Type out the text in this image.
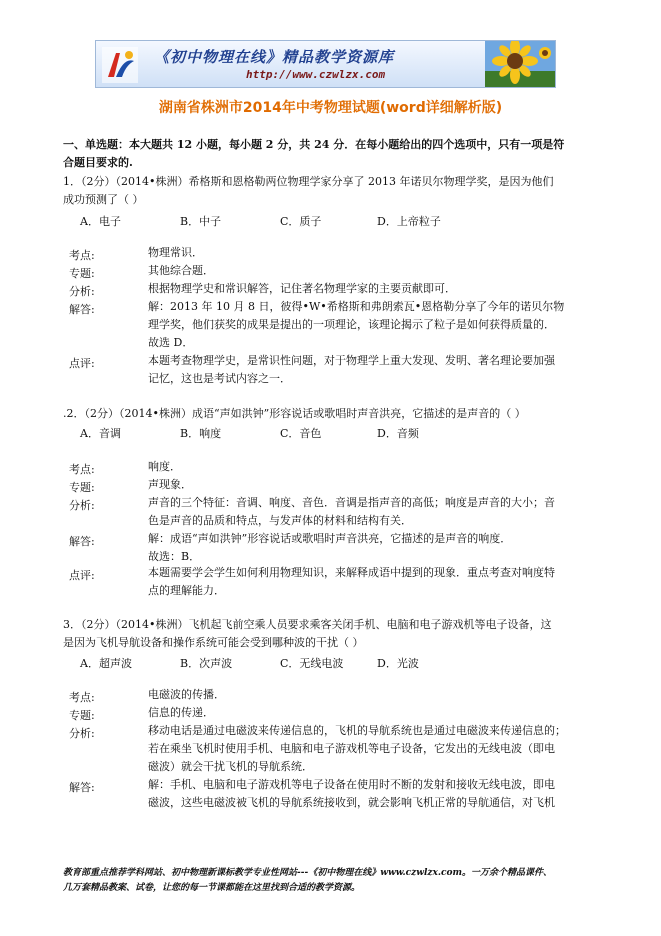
《初中物理在线》精品教学资源库
http://www.czwlzx.com
湖南省株洲市2014年中考物理试题(word详细解析版)
一、单选题：本大题共 12 小题，每小题 2 分，共 24 分．在每小题给出的四个选项中，只有一项是符
合题目要求的.
1．（2分）（2014•株洲）希格斯和恩格勒两位物理学家分享了 2013 年诺贝尔物理学奖，是因为他们
成功预测了（ ）
A．电子	B．中子	C．质子	D．上帝粒子
考点:	物理常识．
专题:	其他综合题．
分析:	根据物理学史和常识解答，记住著名物理学家的主要贡献即可．
解答:	解：2013 年 10 月 8 日，彼得•W•希格斯和弗朗索瓦•恩格勒分享了今年的诺贝尔物
理学奖，他们获奖的成果是提出的一项理论，该理论揭示了粒子是如何获得质量的．
故选 D．
点评:	本题考查物理学史，是常识性问题，对于物理学上重大发现、发明、著名理论要加强
记忆，这也是考试内容之一．
.2．（2分）（2014•株洲）成语“声如洪钟”形容说话或歌唱时声音洪亮，它描述的是声音的（ ）
A．音调	B．响度	C．音色	D．音频
考点:	响度．
专题:	声现象．
分析:	声音的三个特征：音调、响度、音色．音调是指声音的高低；响度是声音的大小；音
色是声音的品质和特点，与发声体的材料和结构有关．
解答:	解：成语“声如洪钟”形容说话或歌唱时声音洪亮，它描述的是声音的响度．
故选：B．
点评:	本题需要学会学生如何利用物理知识，来解释成语中提到的现象．重点考查对响度特
点的理解能力．
3．（2分）（2014•株洲）飞机起飞前空乘人员要求乘客关闭手机、电脑和电子游戏机等电子设备，这
是因为飞机导航设备和操作系统可能会受到哪种波的干扰（ ）
A．超声波	B．次声波	C．无线电波	D．光波
考点:	电磁波的传播．
专题:	信息的传递．
分析:	移动电话是通过电磁波来传递信息的，飞机的导航系统也是通过电磁波来传递信息的；
若在乘坐飞机时使用手机、电脑和电子游戏机等电子设备，它发出的无线电波（即电
磁波）就会干扰飞机的导航系统．
解答:	解：手机、电脑和电子游戏机等电子设备在使用时不断的发射和接收无线电波，即电
磁波，这些电磁波被飞机的导航系统接收到，就会影响飞机正常的导航通信，对飞机
教育部重点推荐学科网站、初中物理新课标教学专业性网站---《初中物理在线》www.czwlzx.com。一万余个精品课件、
几万套精品教案、试卷，让您的每一节课都能在这里找到合适的教学资源。
